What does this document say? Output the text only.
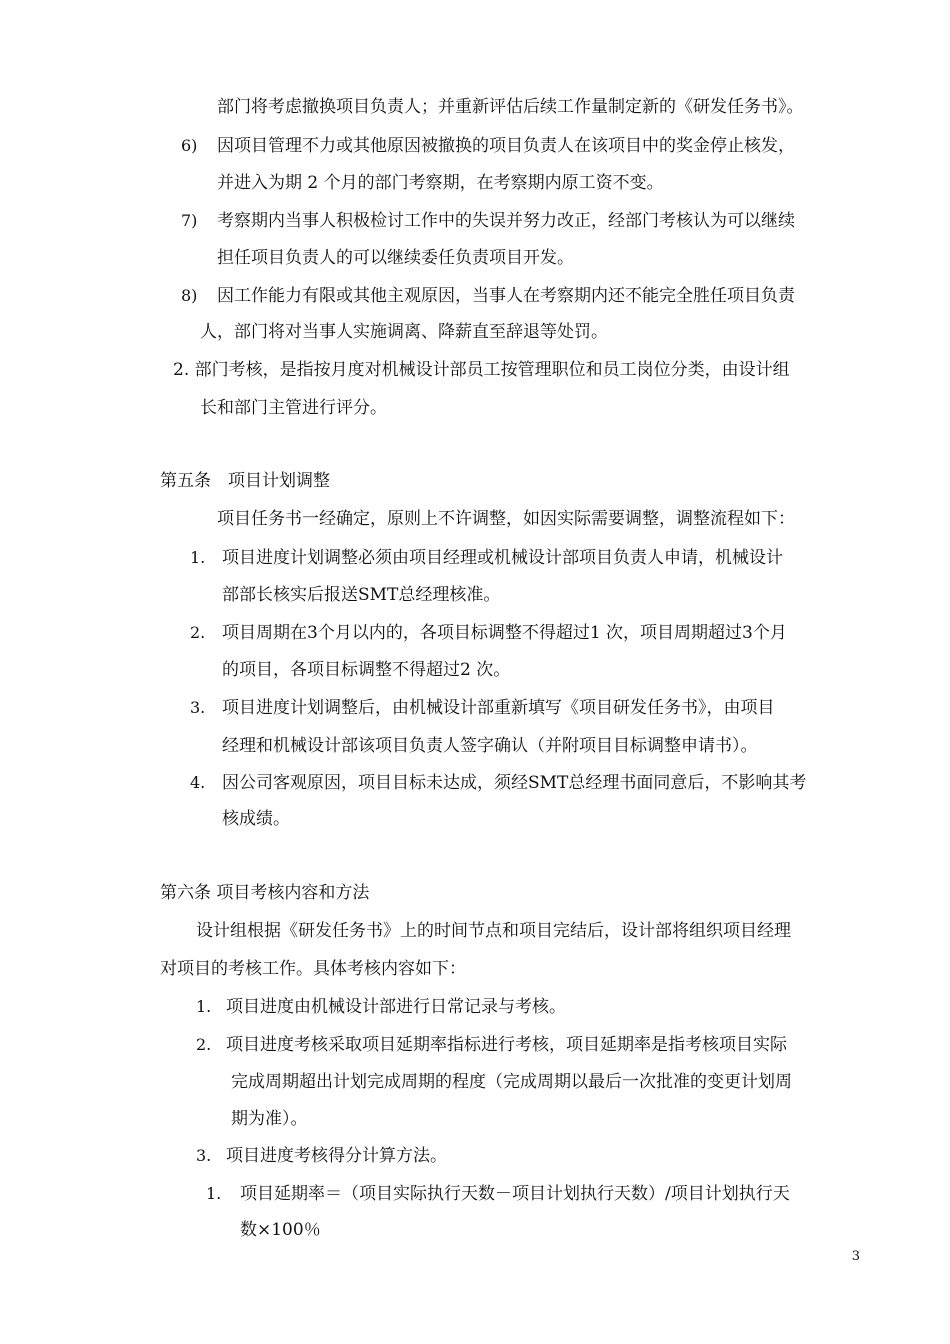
部门将考虑撤换项目负责人；并重新评估后续工作量制定新的《研发任务书》。
6) 因项目管理不力或其他原因被撤换的项目负责人在该项目中的奖金停止核发，
并进入为期 2 个月的部门考察期，在考察期内原工资不变。
7) 考察期内当事人积极检讨工作中的失误并努力改正，经部门考核认为可以继续
担任项目负责人的可以继续委任负责项目开发。
8) 因工作能力有限或其他主观原因，当事人在考察期内还不能完全胜任项目负责
人，部门将对当事人实施调离、降薪直至辞退等处罚。
2. 部门考核，是指按月度对机械设计部员工按管理职位和员工岗位分类，由设计组
长和部门主管进行评分。
第五条　项目计划调整
项目任务书一经确定，原则上不许调整，如因实际需要调整，调整流程如下：
1. 项目进度计划调整必须由项目经理或机械设计部项目负责人申请，机械设计
部部长核实后报送SMT总经理核准。
2. 项目周期在3个月以内的，各项目标调整不得超过1 次，项目周期超过3个月
的项目，各项目标调整不得超过2 次。
3. 项目进度计划调整后，由机械设计部重新填写《项目研发任务书》，由项目
经理和机械设计部该项目负责人签字确认（并附项目目标调整申请书）。
4. 因公司客观原因，项目目标未达成，须经SMT总经理书面同意后，不影响其考
核成绩。
第六条 项目考核内容和方法
设计组根据《研发任务书》上的时间节点和项目完结后，设计部将组织项目经理
对项目的考核工作。具体考核内容如下：
1. 项目进度由机械设计部进行日常记录与考核。
2. 项目进度考核采取项目延期率指标进行考核，项目延期率是指考核项目实际
完成周期超出计划完成周期的程度（完成周期以最后一次批准的变更计划周
期为准）。
3. 项目进度考核得分计算方法。
1. 项目延期率＝（项目实际执行天数－项目计划执行天数）/项目计划执行天
数×100％
3
